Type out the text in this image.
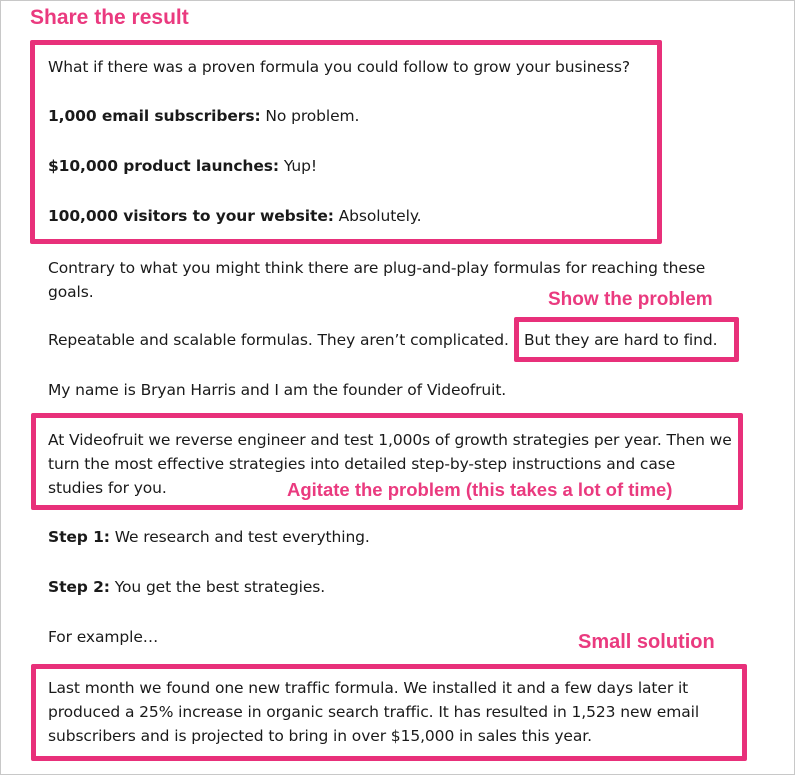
Share the result

What if there was a proven formula you could follow to grow your business?

1,000 email subscribers: No problem.

$10,000 product launches: Yup!

100,000 visitors to your website: Absolutely.

Contrary to what you might think there are plug-and-play formulas for reaching these

goals.	Show the problem

Repeatable and scalable formulas. They aren’t complicated. But they are hard to find.

My name is Bryan Harris and I am the founder of Videofruit.

At Videofruit we reverse engineer and test 1,000s of growth strategies per year. Then we

turn the most effective strategies into detailed step-by-step instructions and case

studies for you.	Agitate the problem (this takes a lot of time)

Step 1: We research and test everything.

Step 2: You get the best strategies.

For example…	Small solution

Last month we found one new traffic formula. We installed it and a few days later it

produced a 25% increase in organic search traffic. It has resulted in 1,523 new email

subscribers and is projected to bring in over $15,000 in sales this year.
